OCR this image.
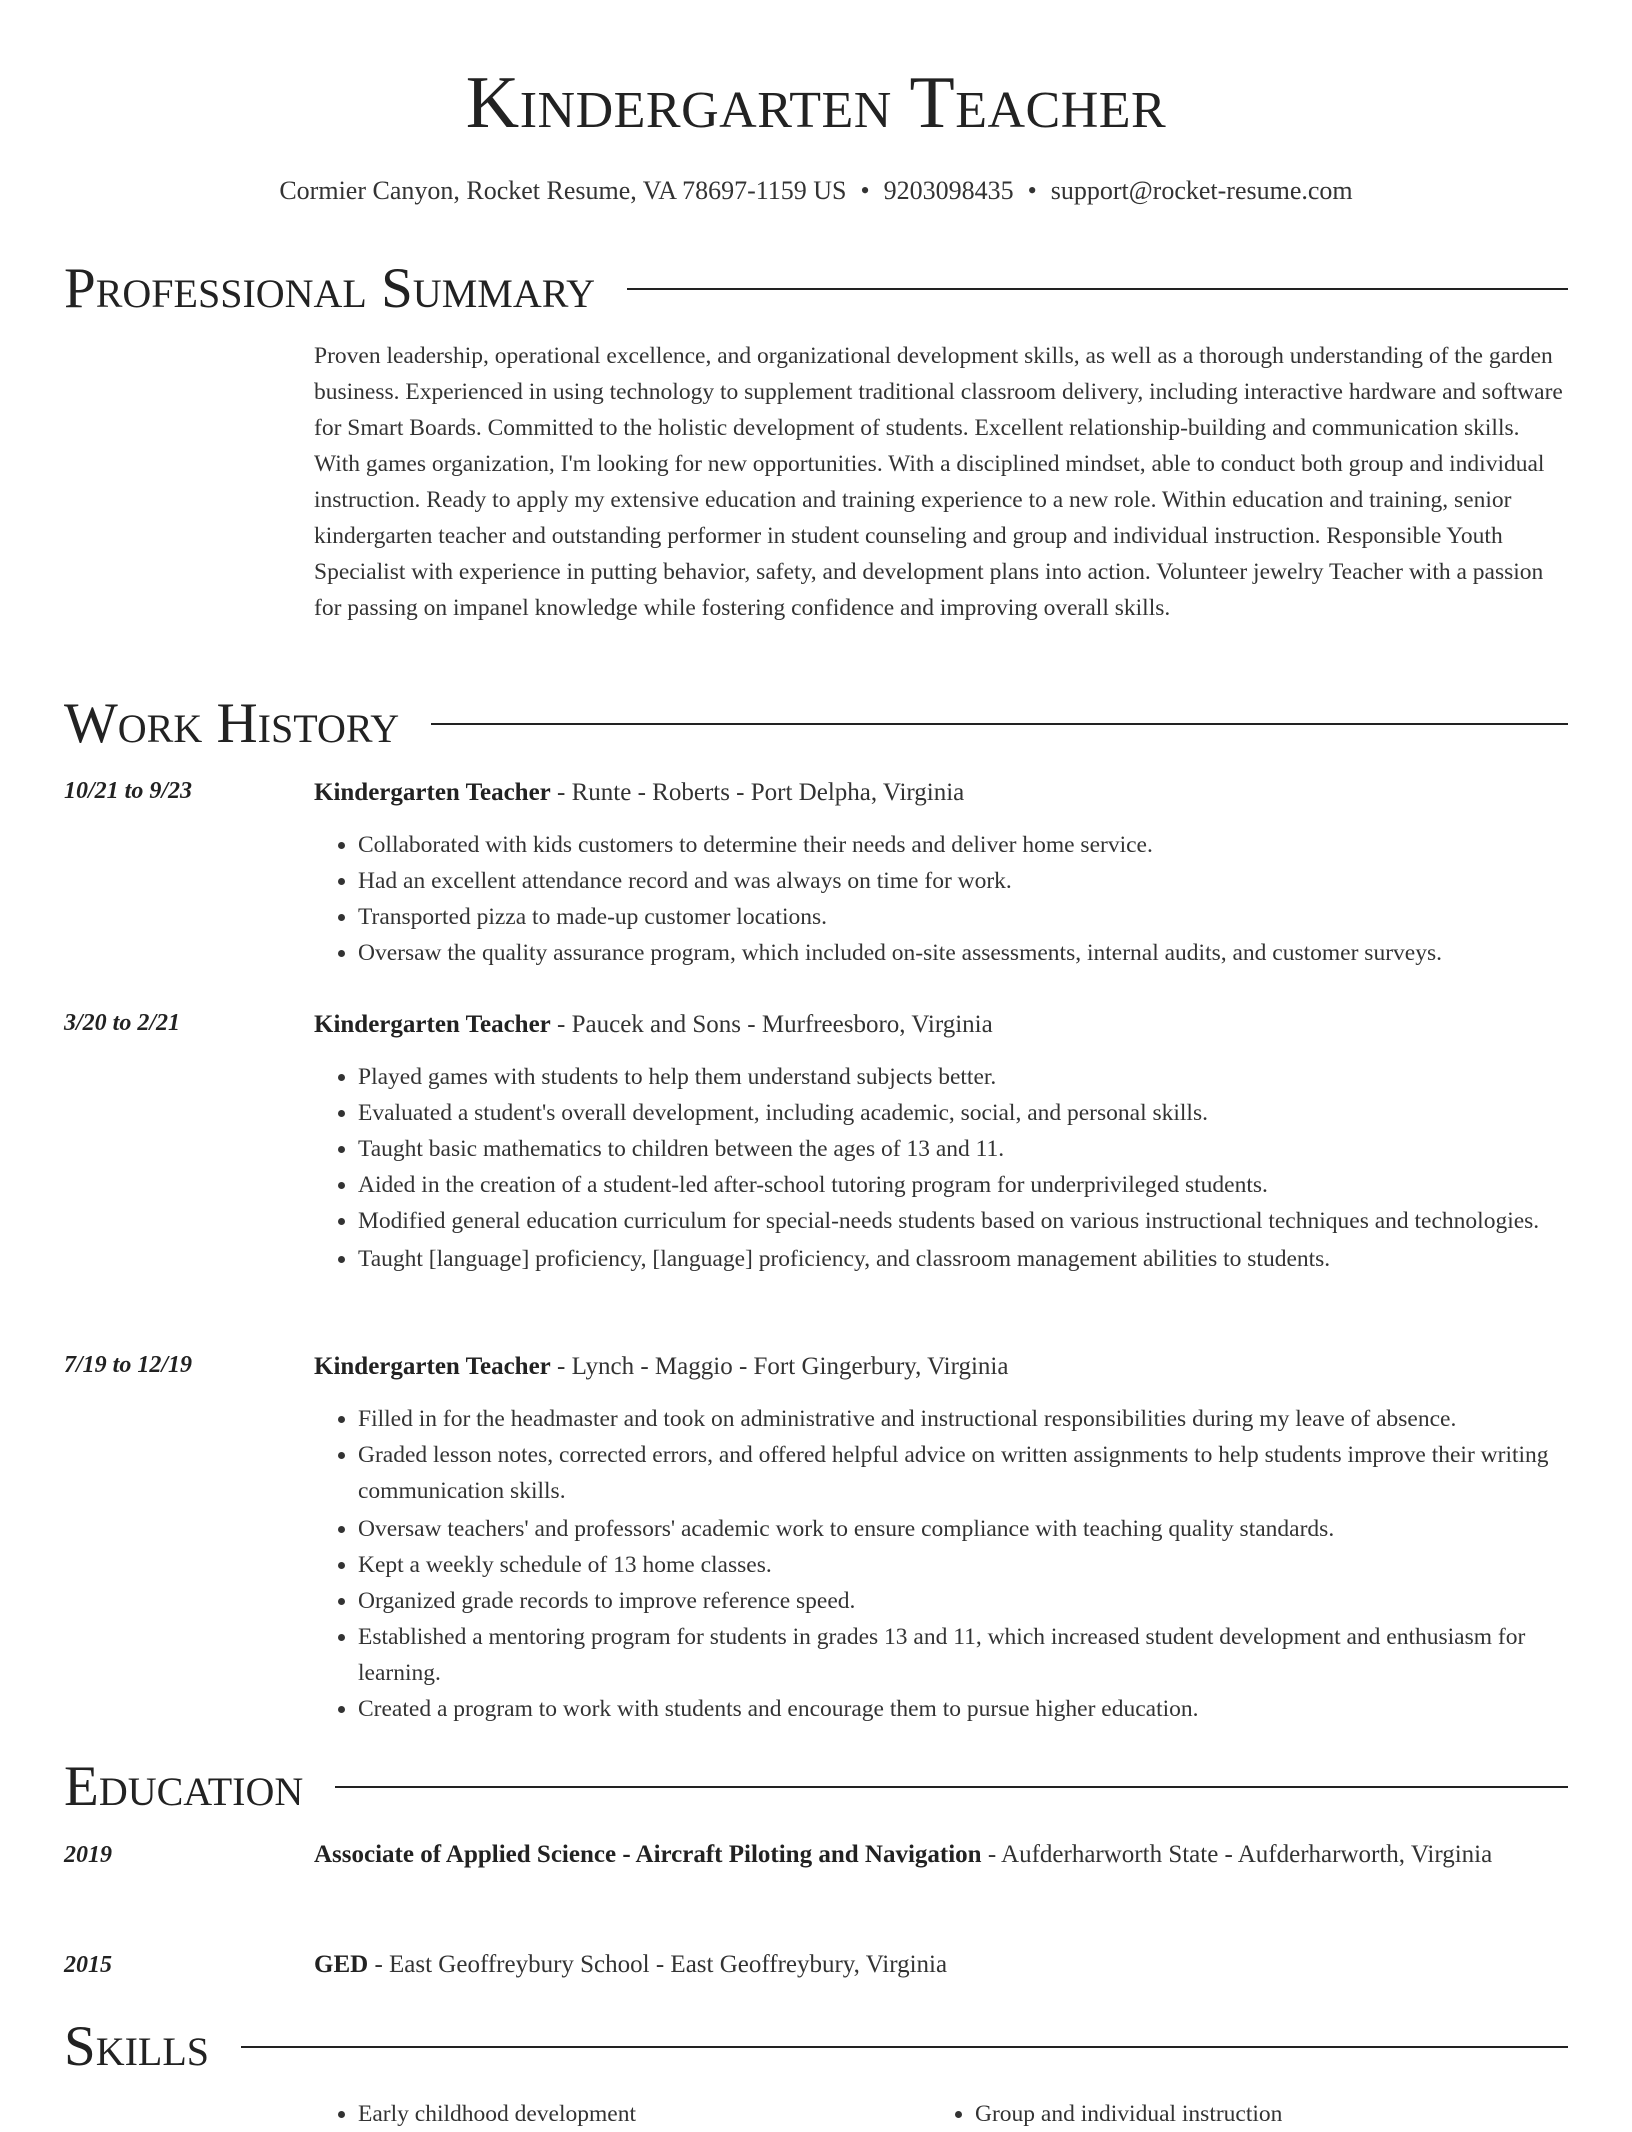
Kindergarten Teacher
Cormier Canyon, Rocket Resume, VA 78697-1159 US • 9203098435 • support@rocket-resume.com
Professional Summary

Proven leadership, operational excellence, and organizational development skills, as well as a thorough understanding of the garden business. Experienced in using technology to supplement traditional classroom delivery, including interactive hardware and software for Smart Boards. Committed to the holistic development of students. Excellent relationship-building and communication skills. With games organization, I'm looking for new opportunities. With a disciplined mindset, able to conduct both group and individual instruction. Ready to apply my extensive education and training experience to a new role. Within education and training, senior kindergarten teacher and outstanding performer in student counseling and group and individual instruction. Responsible Youth Specialist with experience in putting behavior, safety, and development plans into action. Volunteer jewelry Teacher with a passion for passing on impanel knowledge while fostering confidence and improving overall skills.

Work History
10/21 to 9/23	Kindergarten Teacher - Runte - Roberts - Port Delpha, Virginia
• Collaborated with kids customers to determine their needs and deliver home service.
• Had an excellent attendance record and was always on time for work.
• Transported pizza to made-up customer locations.
• Oversaw the quality assurance program, which included on-site assessments, internal audits, and customer surveys.
3/20 to 2/21	Kindergarten Teacher - Paucek and Sons - Murfreesboro, Virginia
• Played games with students to help them understand subjects better.
• Evaluated a student's overall development, including academic, social, and personal skills.
• Taught basic mathematics to children between the ages of 13 and 11.
• Aided in the creation of a student-led after-school tutoring program for underprivileged students.
• Modified general education curriculum for special-needs students based on various instructional techniques and technologies.
• Taught [language] proficiency, [language] proficiency, and classroom management abilities to students.
7/19 to 12/19	Kindergarten Teacher - Lynch - Maggio - Fort Gingerbury, Virginia
• Filled in for the headmaster and took on administrative and instructional responsibilities during my leave of absence.
• Graded lesson notes, corrected errors, and offered helpful advice on written assignments to help students improve their writing communication skills.
• Oversaw teachers' and professors' academic work to ensure compliance with teaching quality standards.
• Kept a weekly schedule of 13 home classes.
• Organized grade records to improve reference speed.
• Established a mentoring program for students in grades 13 and 11, which increased student development and enthusiasm for learning.
• Created a program to work with students and encourage them to pursue higher education.
Education
2019	Associate of Applied Science - Aircraft Piloting and Navigation - Aufderharworth State - Aufderharworth, Virginia
2015	GED - East Geoffreybury School - East Geoffreybury, Virginia
Skills
• Early childhood development
•	Group and individual instruction
